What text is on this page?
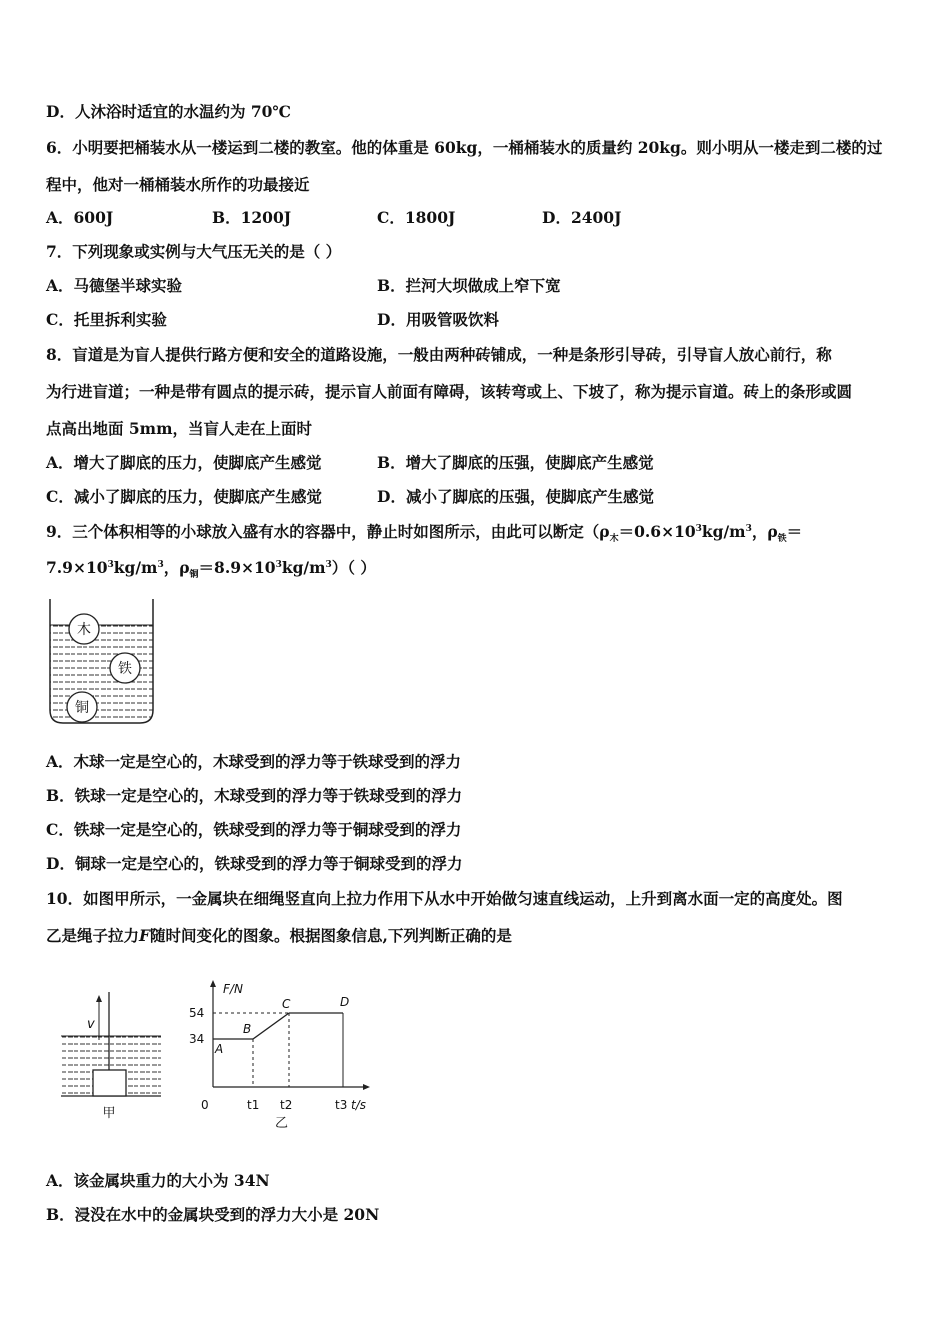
D．人沐浴时适宜的水温约为 70℃
6．小明要把桶装水从一楼运到二楼的教室。他的体重是 60kg，一桶桶装水的质量约 20kg。则小明从一楼走到二楼的过
程中，他对一桶桶装水所作的功最接近
A．600J	B．1200J	C．1800J	D．2400J
7．下列现象或实例与大气压无关的是（ ）
A．马德堡半球实验	B．拦河大坝做成上窄下宽
C．托里拆利实验	D．用吸管吸饮料
8．盲道是为盲人提供行路方便和安全的道路设施，一般由两种砖铺成，一种是条形引导砖，引导盲人放心前行，称
为行进盲道；一种是带有圆点的提示砖，提示盲人前面有障碍，该转弯或上、下坡了，称为提示盲道。砖上的条形或圆
点高出地面 5mm，当盲人走在上面时
A．增大了脚底的压力，使脚底产生感觉	B．增大了脚底的压强，使脚底产生感觉
C．减小了脚底的压力，使脚底产生感觉	D．减小了脚底的压强，使脚底产生感觉
9．三个体积相等的小球放入盛有水的容器中，静止时如图所示，由此可以断定（$\rho_木=0.6\times 10^3kg/m^3$，$\rho_铁=$
$7.9\times 10^3kg/m^3$，$\rho_铜=8.9\times 10^3kg/m^3$）（ ）
木
铁
铜
A．木球一定是空心的，木球受到的浮力等于铁球受到的浮力
B．铁球一定是空心的，木球受到的浮力等于铁球受到的浮力
C．铁球一定是空心的，铁球受到的浮力等于铜球受到的浮力
D．铜球一定是空心的，铁球受到的浮力等于铜球受到的浮力
10．如图甲所示，一金属块在细绳竖直向上拉力作用下从水中开始做匀速直线运动，上升到离水面一定的高度处。图
乙是绳子拉力F随时间变化的图象。根据图象信息,下列判断正确的是
v
甲
F/N
0
54
34
t1 t2	t3 t/s
A
B
C	D
乙
A．该金属块重力的大小为 34N
B．浸没在水中的金属块受到的浮力大小是 20N
